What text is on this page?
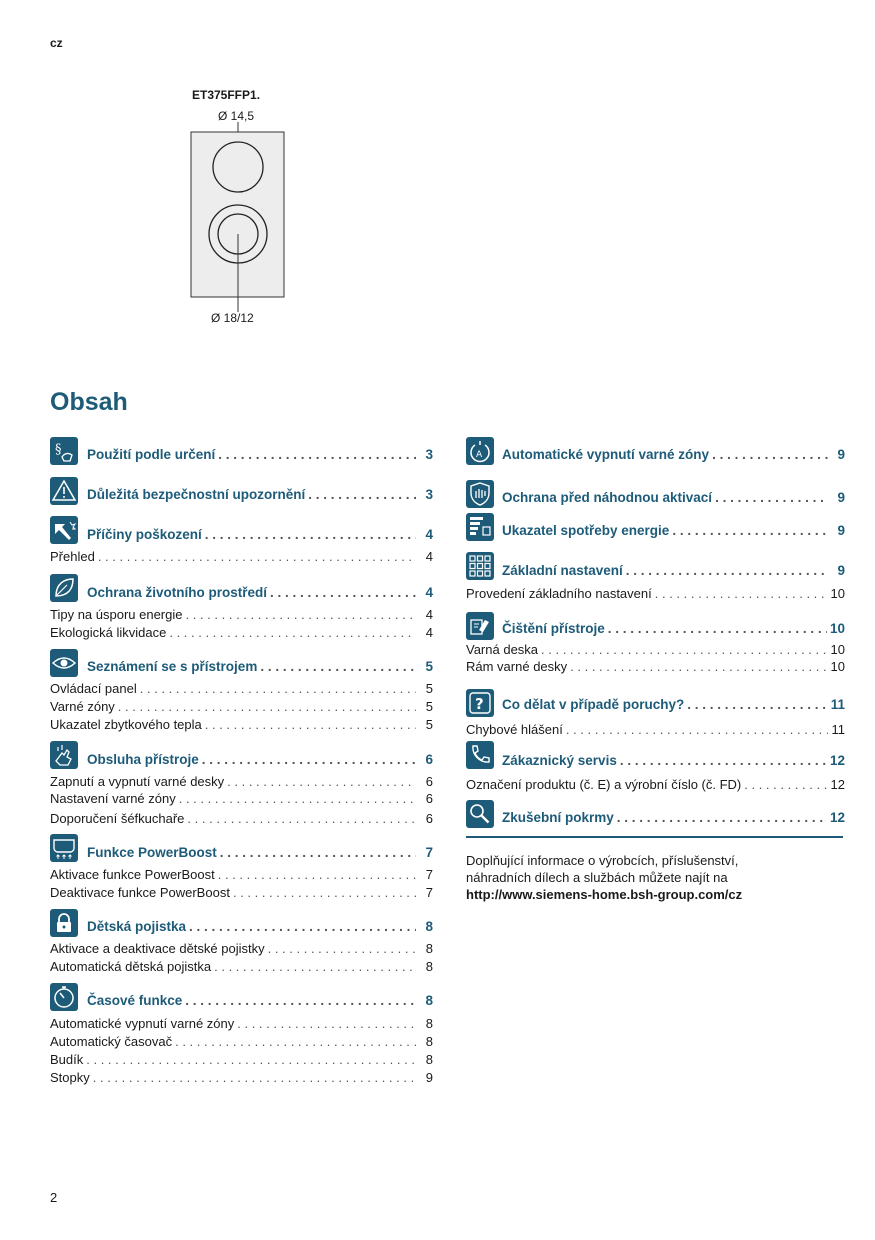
cz
ET375FFP1.
Ø 14,5
Ø 18/12
Obsah
§ Použití podle určení . . .	3
Důležitá bezpečnostní upozornění . . .	3
Příčiny poškození . . .	4
Přehled . . .	4
Ochrana životního prostředí . . .	4
Tipy na úsporu energie . . .	4
Ekologická likvidace . . .	4
Seznámení se s přístrojem . . .	5
Ovládací panel . . .	5
Varné zóny . . .	5
Ukazatel zbytkového tepla . . .	5
Obsluha přístroje . . .	6
Zapnutí a vypnutí varné desky . . .	6
Nastavení varné zóny . . .	6
Doporučení šéfkuchaře . . .	6
Funkce PowerBoost . . .	7
Aktivace funkce PowerBoost . . .	7
Deaktivace funkce PowerBoost . . .	7
Dětská pojistka . . .	8
Aktivace a deaktivace dětské pojistky . . .	8
Automatická dětská pojistka . . .	8
Časové funkce . . .	8
Automatické vypnutí varné zóny . . .	8
Automatický časovač . . .	8
Budík . . .	8
Stopky . . .	9
A Automatické vypnutí varné zóny . . .	9
Ochrana před náhodnou aktivací . . .	9
Ukazatel spotřeby energie . . .	9
Základní nastavení . . .	9
Provedení základního nastavení . . .	10
Čištění přístroje . . .	10
Varná deska . . .	10
Rám varné desky . . .	10
? Co dělat v případě poruchy? . . .	11
Chybové hlášení . . .	11
Zákaznický servis . . .	12
Označení produktu (č. E) a výrobní číslo (č. FD) . . .	12
Zkušební pokrmy . . .	12
Doplňující informace o výrobcích, příslušenství,
náhradních dílech a službách můžete najít na
http://www.siemens-home.bsh-group.com/cz
2
